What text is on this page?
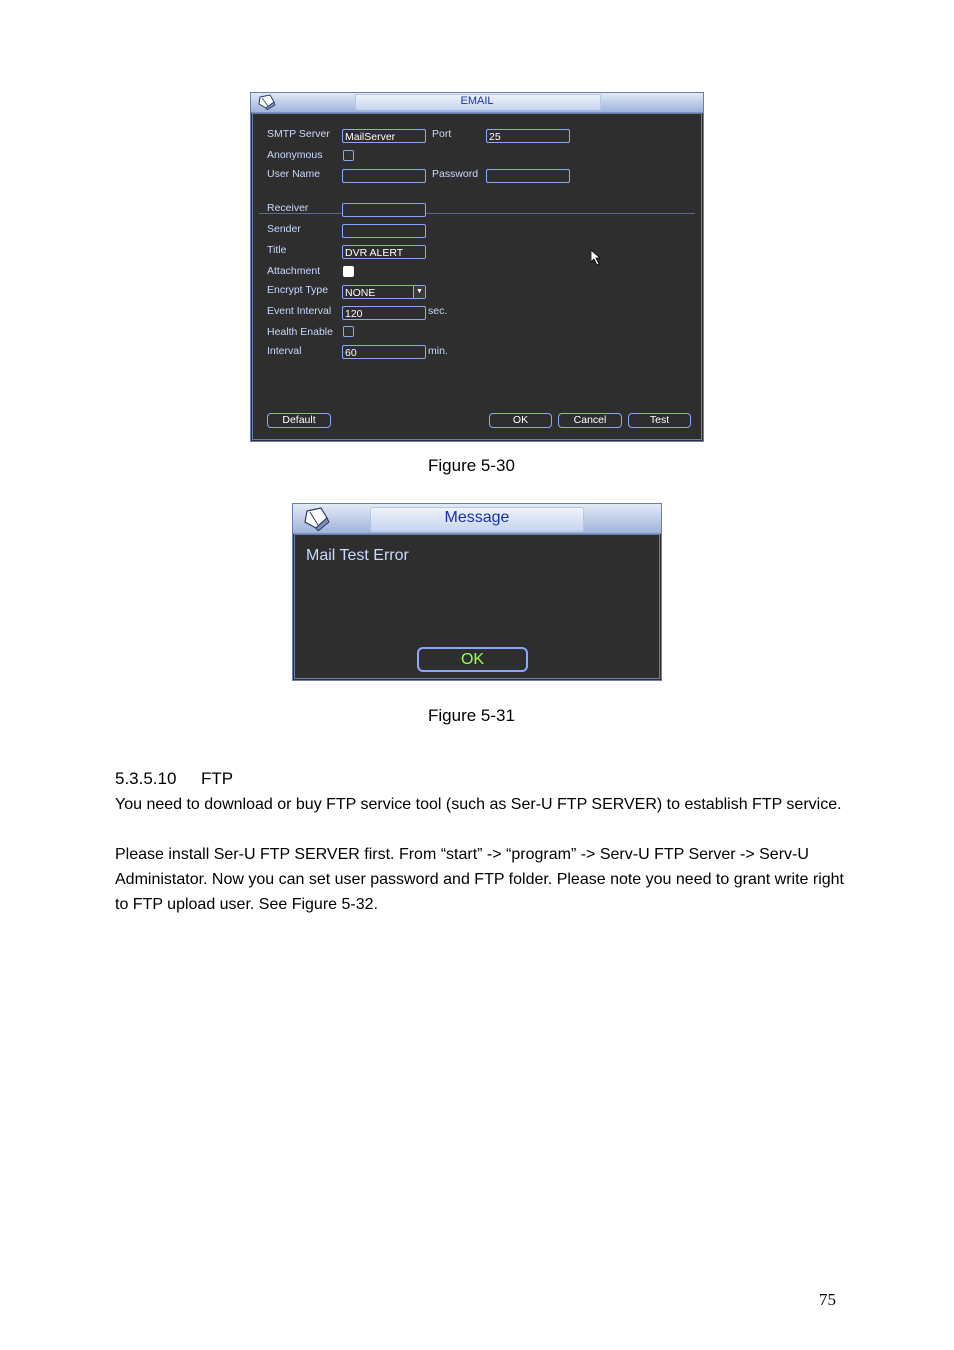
EMAIL
SMTP Server MailServer	Port	25
Anonymous
User Name	Password
Receiver
Sender
Title	DVR ALERT
Attachment
Encrypt Type NONE	▼
Event Interval 120	sec.
Health Enable
Interval	60	min.
Default	OK	Cancel	Test
Figure 5-30
Message
Mail Test Error
OK
Figure 5-31
5.3.5.10 FTP
You need to download or buy FTP service tool (such as Ser-U FTP SERVER) to establish FTP service.
Please install Ser-U FTP SERVER first. From “start” -> “program” -> Serv-U FTP Server -> Serv-U Administator. Now you can set user password and FTP folder. Please note you need to grant write right to FTP upload user. See Figure 5-32.
75
